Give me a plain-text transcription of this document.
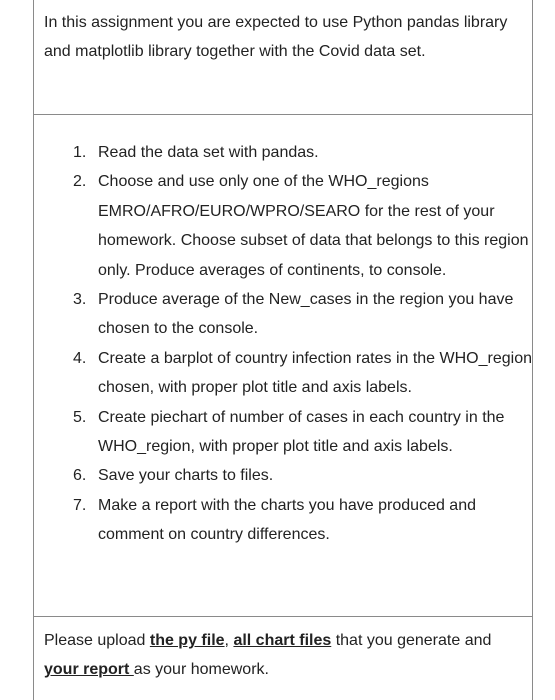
In this assignment you are expected to use Python pandas library and matplotlib library together with the Covid data set.

Read the data set with pandas.
Choose and use only one of the WHO_regions EMRO/AFRO/EURO/WPRO/SEARO for the rest of your homework. Choose subset of data that belongs to this region only. Produce averages of continents, to console.
Produce average of the New_cases in the region you have chosen to the console.
Create a barplot of country infection rates in the WHO_region chosen, with proper plot title and axis labels.
Create piechart of number of cases in each country in the WHO_region, with proper plot title and axis labels.
Save your charts to files.
Make a report with the charts you have produced and comment on country differences.

Please upload the py file, all chart files that you generate and your report as your homework.
